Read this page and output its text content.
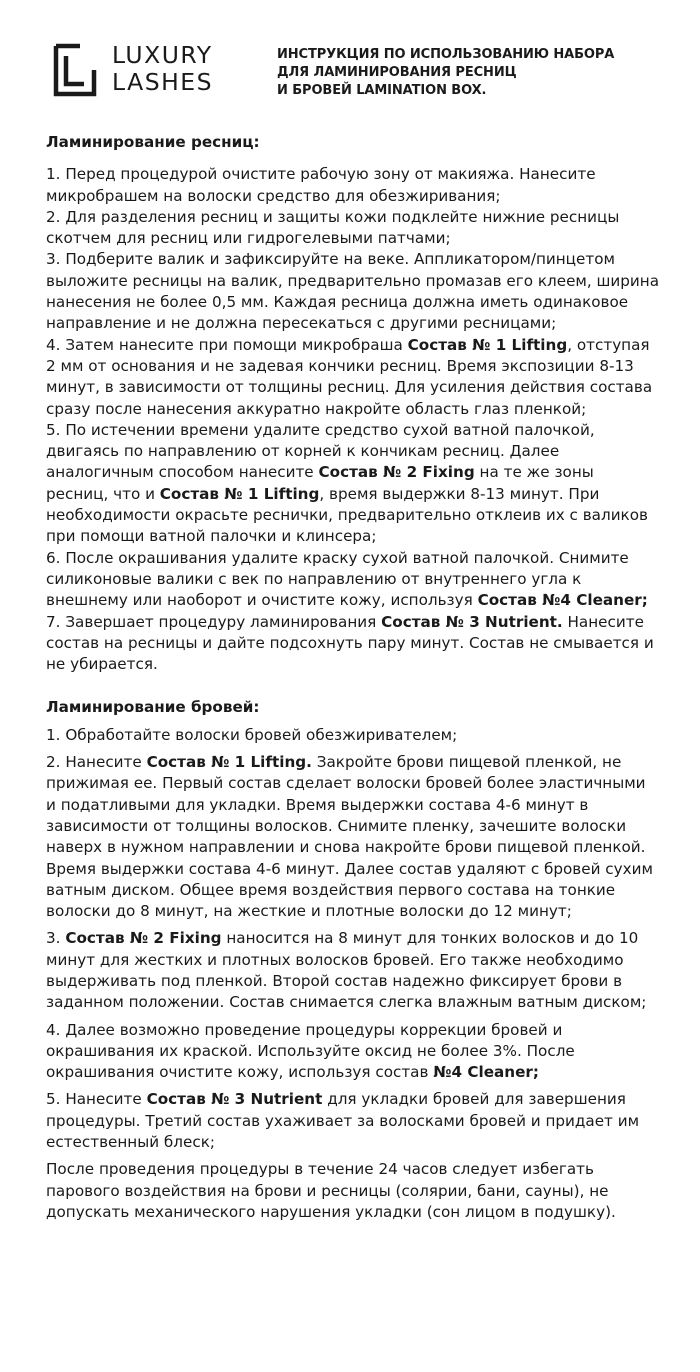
LUXURY
LASHES
ИНСТРУКЦИЯ ПО ИСПОЛЬЗОВАНИЮ НАБОРА
ДЛЯ ЛАМИНИРОВАНИЯ РЕСНИЦ
И БРОВЕЙ LAMINATION BOX.
Ламинирование ресниц:

1. Перед процедурой очистите рабочую зону от макияжа. Нанесите микробрашем на волоски средство для обезжиривания;

2. Для разделения ресниц и защиты кожи подклейте нижние ресницы скотчем для ресниц или гидрогелевыми патчами;

3. Подберите валик и зафиксируйте на веке. Аппликатором/пинцетом выложите ресницы на валик, предварительно промазав его клеем, ширина нанесения не более 0,5 мм. Каждая ресница должна иметь одинаковое направление и не должна пересекаться с другими ресницами;

4. Затем нанесите при помощи микробраша Состав № 1 Lifting, отступая 2 мм от основания и не задевая кончики ресниц. Время экспозиции 8-13 минут, в зависимости от толщины ресниц. Для усиления действия состава сразу после нанесения аккуратно накройте область глаз пленкой;

5. По истечении времени удалите средство сухой ватной палочкой, двигаясь по направлению от корней к кончикам ресниц. Далее аналогичным способом нанесите Состав № 2 Fixing на те же зоны ресниц, что и Состав № 1 Lifting, время выдержки 8-13 минут. При необходимости окрасьте реснички, предварительно отклеив их с валиков при помощи ватной палочки и клинсера;

6. После окрашивания удалите краску сухой ватной палочкой. Снимите силиконовые валики с век по направлению от внутреннего угла к внешнему или наоборот и очистите кожу, используя Состав №4 Cleaner;

7. Завершает процедуру ламинирования Состав № 3 Nutrient. Нанесите состав на ресницы и дайте подсохнуть пару минут. Состав не смывается и не убирается.

Ламинирование бровей:

1. Обработайте волоски бровей обезжиривателем;

2. Нанесите Состав № 1 Lifting. Закройте брови пищевой пленкой, не прижимая ее. Первый состав сделает волоски бровей более эластичными и податливыми для укладки. Время выдержки состава 4-6 минут в зависимости от толщины волосков. Снимите пленку, зачешите волоски наверх в нужном направлении и снова накройте брови пищевой пленкой. Время выдержки состава 4-6 минут. Далее состав удаляют с бровей сухим ватным диском. Общее время воздействия первого состава на тонкие волоски до 8 минут, на жесткие и плотные волоски до 12 минут;

3. Состав № 2 Fixing наносится на 8 минут для тонких волосков и до 10 минут для жестких и плотных волосков бровей. Его также необходимо выдерживать под пленкой. Второй состав надежно фиксирует брови в заданном положении. Состав снимается слегка влажным ватным диском;

4. Далее возможно проведение процедуры коррекции бровей и окрашивания их краской. Используйте оксид не более 3%. После окрашивания очистите кожу, используя состав №4 Cleaner;

5. Нанесите Состав № 3 Nutrient для укладки бровей для завершения процедуры. Третий состав ухаживает за волосками бровей и придает им естественный блеск;

После проведения процедуры в течение 24 часов следует избегать парового воздействия на брови и ресницы (солярии, бани, сауны), не допускать механического нарушения укладки (сон лицом в подушку).
